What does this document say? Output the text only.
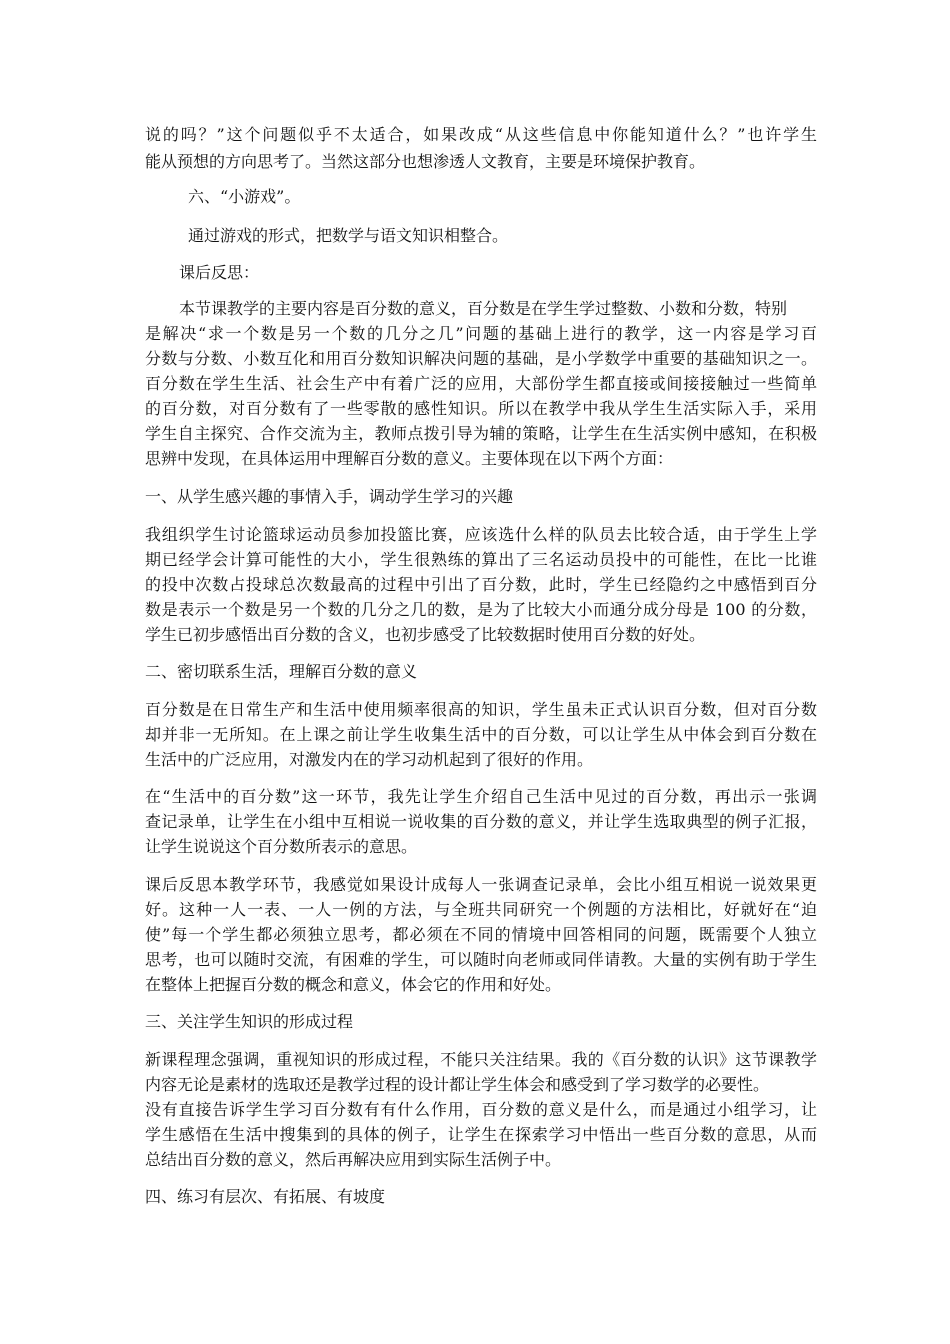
说的吗？”这个问题似乎不太适合，如果改成“从这些信息中你能知道什么？”也许学生
能从预想的方向思考了。当然这部分也想渗透人文教育，主要是环境保护教育。
六、“小游戏”。
通过游戏的形式，把数学与语文知识相整合。
课后反思：
本节课教学的主要内容是百分数的意义，百分数是在学生学过整数、小数和分数，特别
是解决“求一个数是另一个数的几分之几”问题的基础上进行的教学，这一内容是学习百
分数与分数、小数互化和用百分数知识解决问题的基础，是小学数学中重要的基础知识之一。
百分数在学生生活、社会生产中有着广泛的应用，大部份学生都直接或间接接触过一些简单
的百分数，对百分数有了一些零散的感性知识。所以在教学中我从学生生活实际入手，采用
学生自主探究、合作交流为主，教师点拨引导为辅的策略，让学生在生活实例中感知，在积极
思辨中发现，在具体运用中理解百分数的意义。主要体现在以下两个方面：
一、从学生感兴趣的事情入手，调动学生学习的兴趣
我组织学生讨论篮球运动员参加投篮比赛，应该选什么样的队员去比较合适，由于学生上学
期已经学会计算可能性的大小，学生很熟练的算出了三名运动员投中的可能性，在比一比谁
的投中次数占投球总次数最高的过程中引出了百分数，此时，学生已经隐约之中感悟到百分
数是表示一个数是另一个数的几分之几的数，是为了比较大小而通分成分母是 100 的分数，
学生已初步感悟出百分数的含义，也初步感受了比较数据时使用百分数的好处。
二、密切联系生活，理解百分数的意义
百分数是在日常生产和生活中使用频率很高的知识，学生虽未正式认识百分数，但对百分数
却并非一无所知。在上课之前让学生收集生活中的百分数，可以让学生从中体会到百分数在
生活中的广泛应用，对激发内在的学习动机起到了很好的作用。
在“生活中的百分数”这一环节，我先让学生介绍自己生活中见过的百分数，再出示一张调
查记录单，让学生在小组中互相说一说收集的百分数的意义，并让学生选取典型的例子汇报，
让学生说说这个百分数所表示的意思。
课后反思本教学环节，我感觉如果设计成每人一张调查记录单，会比小组互相说一说效果更
好。这种一人一表、一人一例的方法，与全班共同研究一个例题的方法相比，好就好在“迫
使”每一个学生都必须独立思考，都必须在不同的情境中回答相同的问题，既需要个人独立
思考，也可以随时交流，有困难的学生，可以随时向老师或同伴请教。大量的实例有助于学生
在整体上把握百分数的概念和意义，体会它的作用和好处。
三、关注学生知识的形成过程
新课程理念强调，重视知识的形成过程，不能只关注结果。我的《百分数的认识》这节课教学
内容无论是素材的选取还是教学过程的设计都让学生体会和感受到了学习数学的必要性。
没有直接告诉学生学习百分数有有什么作用，百分数的意义是什么，而是通过小组学习，让
学生感悟在生活中搜集到的具体的例子，让学生在探索学习中悟出一些百分数的意思，从而
总结出百分数的意义，然后再解决应用到实际生活例子中。
四、练习有层次、有拓展、有坡度
